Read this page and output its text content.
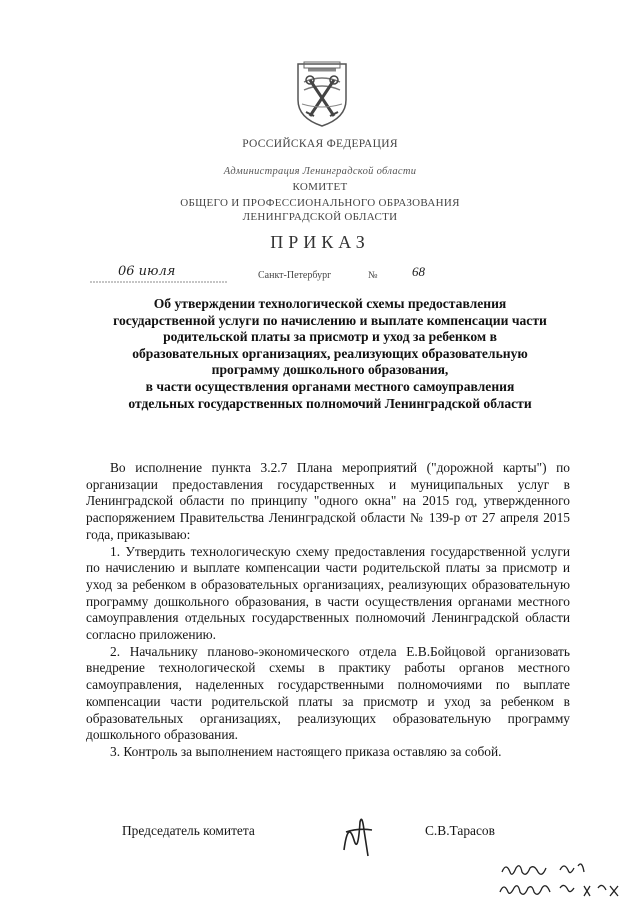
РОССИЙСКАЯ ФЕДЕРАЦИЯ
Администрация Ленинградской области
КОМИТЕТ
ОБЩЕГО И ПРОФЕССИОНАЛЬНОГО ОБРАЗОВАНИЯ
ЛЕНИНГРАДСКОЙ ОБЛАСТИ
ПРИКАЗ
06 июля	Санкт-Петербург	№	68
Об утверждении технологической схемы предоставления
государственной услуги по начислению и выплате компенсации части
родительской платы за присмотр и уход за ребенком в
образовательных организациях, реализующих образовательную
программу дошкольного образования,
в части осуществления органами местного самоуправления
отдельных государственных полномочий Ленинградской области

Во исполнение пункта 3.2.7 Плана мероприятий ("дорожной карты") по организации предоставления государственных и муниципальных услуг в Ленинградской области по принципу "одного окна" на 2015 год, утвержденного распоряжением Правительства Ленинградской области № 139-р от 27 апреля 2015 года, приказываю:

1. Утвердить технологическую схему предоставления государственной услуги по начислению и выплате компенсации части родительской платы за присмотр и уход за ребенком в образовательных организациях, реализующих образовательную программу дошкольного образования, в части осуществления органами местного самоуправления отдельных государственных полномочий Ленинградской области согласно приложению.

2. Начальнику планово-экономического отдела Е.В.Бойцовой организовать внедрение технологической схемы в практику работы органов местного самоуправления, наделенных государственными полномочиями по выплате компенсации части родительской платы за присмотр и уход за ребенком в образовательных организациях, реализующих образовательную программу дошкольного образования.

3. Контроль за выполнением настоящего приказа оставляю за собой.

Председатель комитета	С.В.Тарасов
